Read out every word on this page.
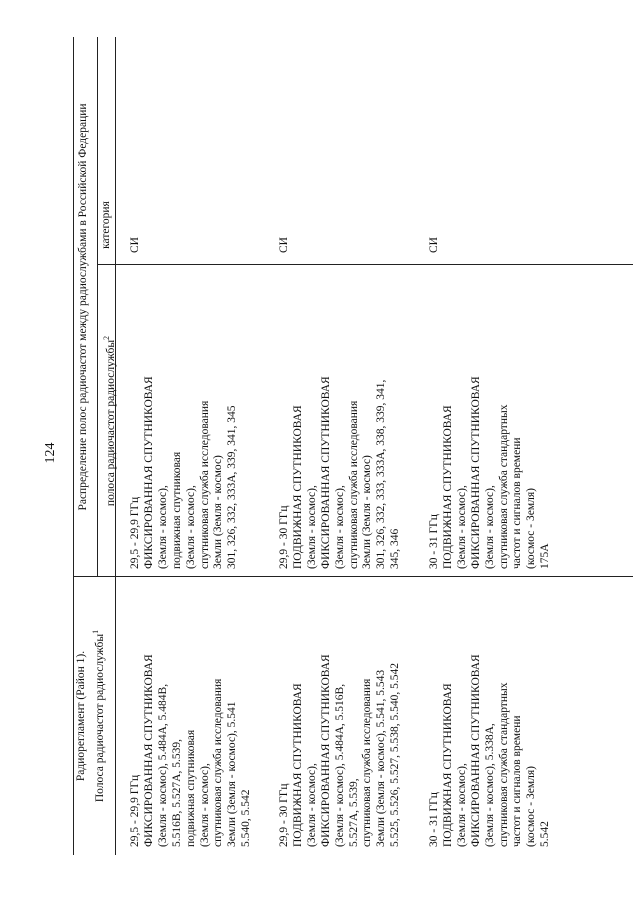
124
Радиорегламент (Район 1). Полоса радиочастот радиослужбы$^1$
Распределение полос радиочастот между радиослужбами в Российской Федерации	полоса радиочастот радиослужбы$^2$
категория
29,5 - 29,9 ГГц ФИКСИРОВАННАЯ СПУТНИКОВАЯ (Земля - космос), 5.484A, 5.484B, 5.516B, 5.527A, 5.539, подвижная спутниковая (Земля - космос), спутниковая служба исследования Земли (Земля - космос), 5.541 5.540, 5.542
29,5 - 29,9 ГГц ФИКСИРОВАННАЯ СПУТНИКОВАЯ (Земля - космос), подвижная спутниковая (Земля - космос), спутниковая служба исследования Земли (Земля - космос) 301, 326, 332, 333A, 339, 341, 345
СИ
29,9 - 30 ГГц ПОДВИЖНАЯ СПУТНИКОВАЯ (Земля - космос), ФИКСИРОВАННАЯ СПУТНИКОВАЯ (Земля - космос), 5.484A, 5.516B, 5.527A, 5.539, спутниковая служба исследования Земли (Земля - космос), 5.541, 5.543 5.525, 5.526, 5.527, 5.538, 5.540, 5.542
29,9 - 30 ГГц ПОДВИЖНАЯ СПУТНИКОВАЯ (Земля - космос), ФИКСИРОВАННАЯ СПУТНИКОВАЯ (Земля - космос), спутниковая служба исследования Земли (Земля - космос) 301, 326, 332, 333, 333A, 338, 339, 341, 345, 346
СИ
30 - 31 ГГц ПОДВИЖНАЯ СПУТНИКОВАЯ (Земля - космос), ФИКСИРОВАННАЯ СПУТНИКОВАЯ (Земля - космос), 5.338A, спутниковая служба стандартных частот и сигналов времени (космос - Земля) 5.542
30 - 31 ГГц ПОДВИЖНАЯ СПУТНИКОВАЯ (Земля - космос), ФИКСИРОВАННАЯ СПУТНИКОВАЯ (Земля - космос), спутниковая служба стандартных частот и сигналов времени (космос - Земля) 175A
СИ
